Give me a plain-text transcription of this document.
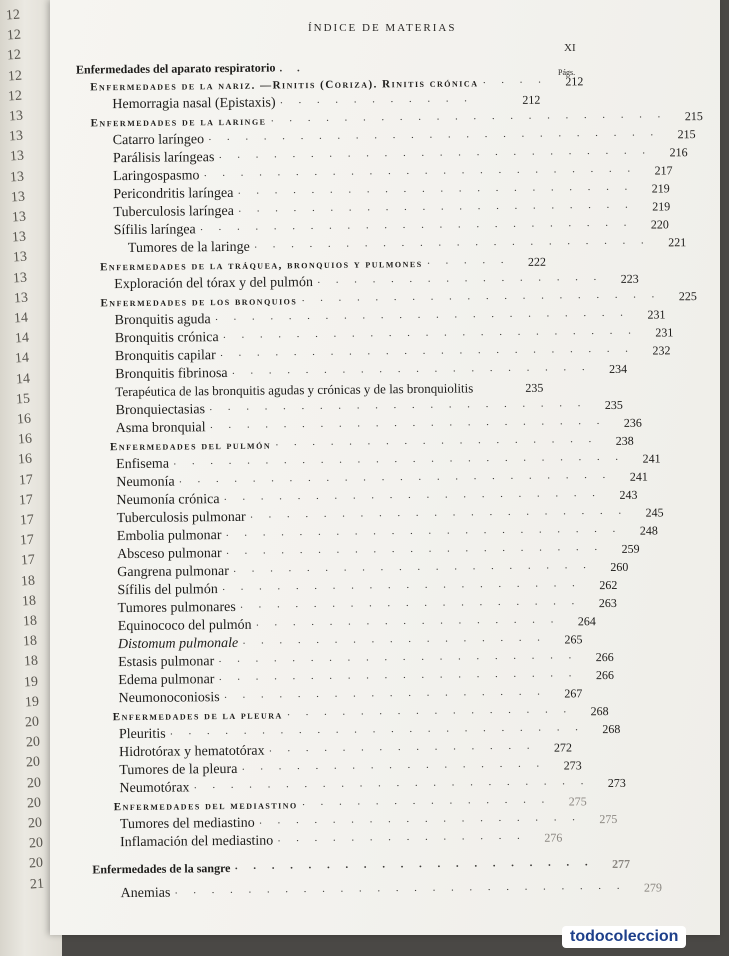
12
12
12
12
12
13
13
13
13
13
13
13
13
13
13
14
14
14
14
15
16
16
16
17
17
17
17
17
18
18
18
18
18
19
19
20
20
20
20
20
20
20
20
21
ÍNDICE DE MATERIAS
XI
Págs.
Enfermedades del aparato respiratorio . .
Enfermedades de la nariz. —Rinitis (Coriza). Rinitis crónica · · · ·	212
Hemorragia nasal (Epistaxis) · · · · · · · · · · ·	212
Enfermedades de la laringe · · · · · · · · · · · · · · · · · · · · · ·	215
Catarro laríngeo · · · · · · · · · · · · · · · · · · · · · · · · ·	215
Parálisis laríngeas · · · · · · · · · · · · · · · · · · · · · · · ·	216
Laringospasmo · · · · · · · · · · · · · · · · · · · · · · · ·	217
Pericondritis laríngea · · · · · · · · · · · · · · · · · · · · · ·	219
Tuberculosis laríngea · · · · · · · · · · · · · · · · · · · · · ·	219
Sífilis laríngea · · · · · · · · · · · · · · · · · · · · · · · ·	220
Tumores de la laringe · · · · · · · · · · · · · · · · · · · · · ·	221
Enfermedades de la tráquea, bronquios y pulmones · · · · ·	222
Exploración del tórax y del pulmón · · · · · · · · · · · · · · · ·	223
Enfermedades de los bronquios · · · · · · · · · · · · · · · · · · · ·	225
Bronquitis aguda · · · · · · · · · · · · · · · · · · · · · · ·	231
Bronquitis crónica · · · · · · · · · · · · · · · · · · · · · · ·	231
Bronquitis capilar · · · · · · · · · · · · · · · · · · · · · · ·	232
Bronquitis fibrinosa · · · · · · · · · · · · · · · · · · · ·	234
Terapéutica de las bronquitis agudas y crónicas y de las bronquiolitis	235
Bronquiectasias · · · · · · · · · · · · · · · · · · · · ·	235
Asma bronquial · · · · · · · · · · · · · · · · · · · · · ·	236
Enfermedades del pulmón · · · · · · · · · · · · · · · · · ·	238
Enfisema · · · · · · · · · · · · · · · · · · · · · · · · ·	241
Neumonía · · · · · · · · · · · · · · · · · · · · · · · ·	241
Neumonía crónica · · · · · · · · · · · · · · · · · · · · ·	243
Tuberculosis pulmonar · · · · · · · · · · · · · · · · · · · · ·	245
Embolia pulmonar · · · · · · · · · · · · · · · · · · · · · ·	248
Absceso pulmonar · · · · · · · · · · · · · · · · · · · · ·	259
Gangrena pulmonar · · · · · · · · · · · · · · · · · · · ·	260
Sífilis del pulmón · · · · · · · · · · · · · · · · · · · ·	262
Tumores pulmonares · · · · · · · · · · · · · · · · · · ·	263
Equinococo del pulmón · · · · · · · · · · · · · · · · ·	264
Distomum pulmonale · · · · · · · · · · · · · · · · ·	265
Estasis pulmonar · · · · · · · · · · · · · · · · · · · ·	266
Edema pulmonar · · · · · · · · · · · · · · · · · · · ·	266
Neumonoconiosis · · · · · · · · · · · · · · · · · ·	267
Enfermedades de la pleura · · · · · · · · · · · · · · · ·	268
Pleuritis · · · · · · · · · · · · · · · · · · · · · · ·	268
Hidrotórax y hematotórax · · · · · · · · · · · · · · ·	272
Tumores de la pleura · · · · · · · · · · · · · · · · ·	273
Neumotórax · · · · · · · · · · · · · · · · · · · · · ·	273
Enfermedades del mediastino · · · · · · · · · · · · · ·	275
Tumores del mediastino · · · · · · · · · · · · · · · · · ·	275
Inflamación del mediastino · · · · · · · · · · · · · ·	276
Enfermedades de la sangre · · · · · · · · · · · · · · · · · · · ·	277
Anemias · · · · · · · · · · · · · · · · · · · · · · · · ·	279
todocoleccion
